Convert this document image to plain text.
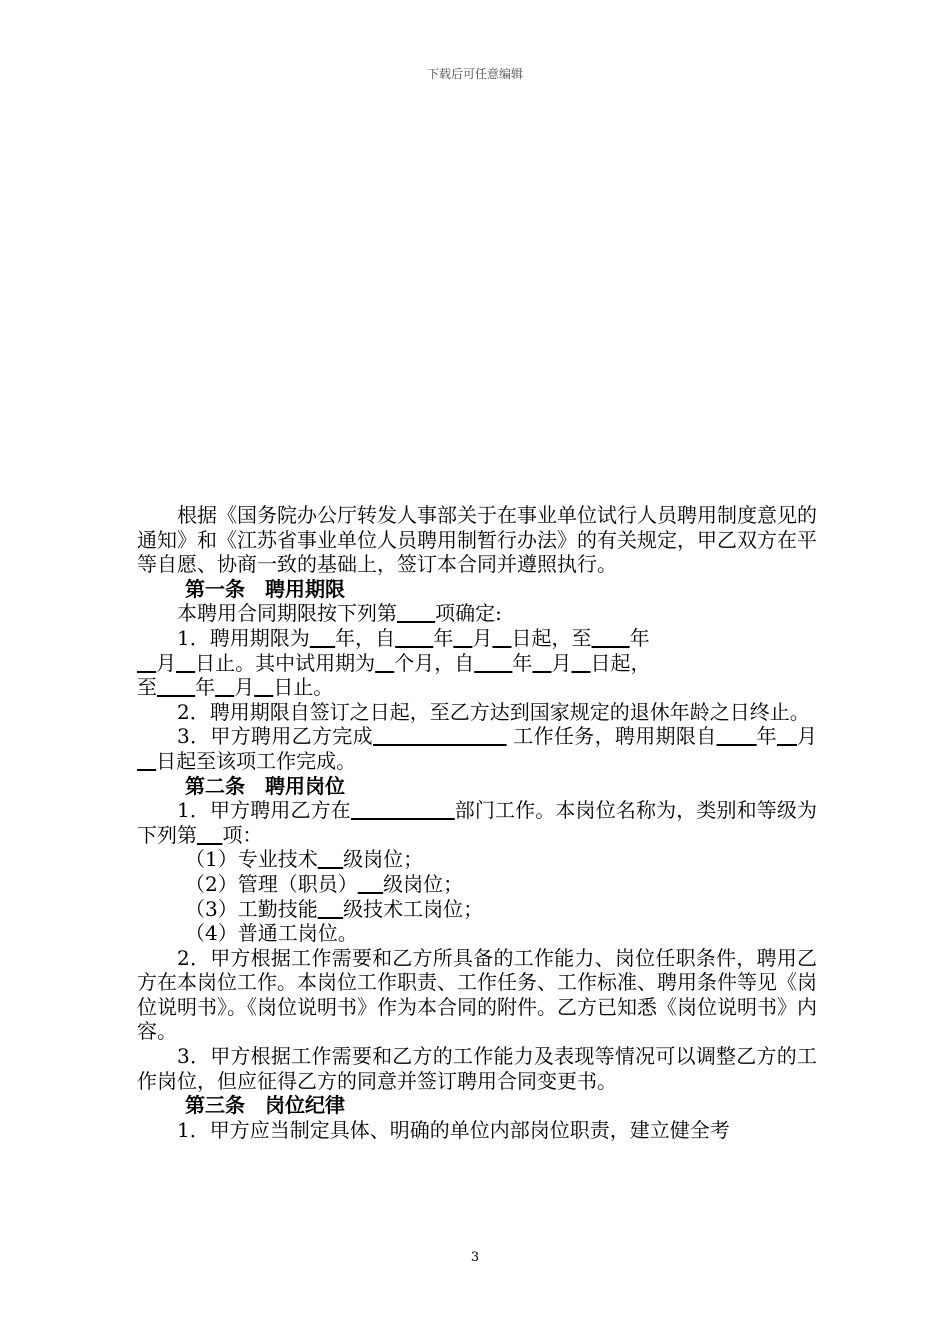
下载后可任意编辑

根据《国务院办公厅转发人事部关于在事业单位试行人员聘用制度意见的通知》和《江苏省事业单位人员聘用制暂行办法》的有关规定，甲乙双方在平等自愿、协商一致的基础上，签订本合同并遵照执行。

第一条　聘用期限

本聘用合同期限按下列第 项确定:

1．聘用期限为 年，自 年 月 日起，至 年
月 日止。其中试用期为 个月，自 年 月 日起，
至 年 月 日止。

2．聘用期限自签订之日起，至乙方达到国家规定的退休年龄之日终止。

3．甲方聘用乙方完成	工作任务，聘用期限自 年 月   日起至该项工作完成。

第二条　聘用岗位

1．甲方聘用乙方在	部门工作。本岗位名称为，类别和等级为下列第 项：

（1）专业技术 级岗位；

（2）管理（职员） 级岗位；

（3）工勤技能 级技术工岗位；

（4）普通工岗位。

2．甲方根据工作需要和乙方所具备的工作能力、岗位任职条件，聘用乙方在本岗位工作。本岗位工作职责、工作任务、工作标准、聘用条件等见《岗位说明书》。《岗位说明书》作为本合同的附件。乙方已知悉《岗位说明书》内容。

3．甲方根据工作需要和乙方的工作能力及表现等情况可以调整乙方的工作岗位，但应征得乙方的同意并签订聘用合同变更书。

第三条　岗位纪律

1．甲方应当制定具体、明确的单位内部岗位职责，建立健全考

3
